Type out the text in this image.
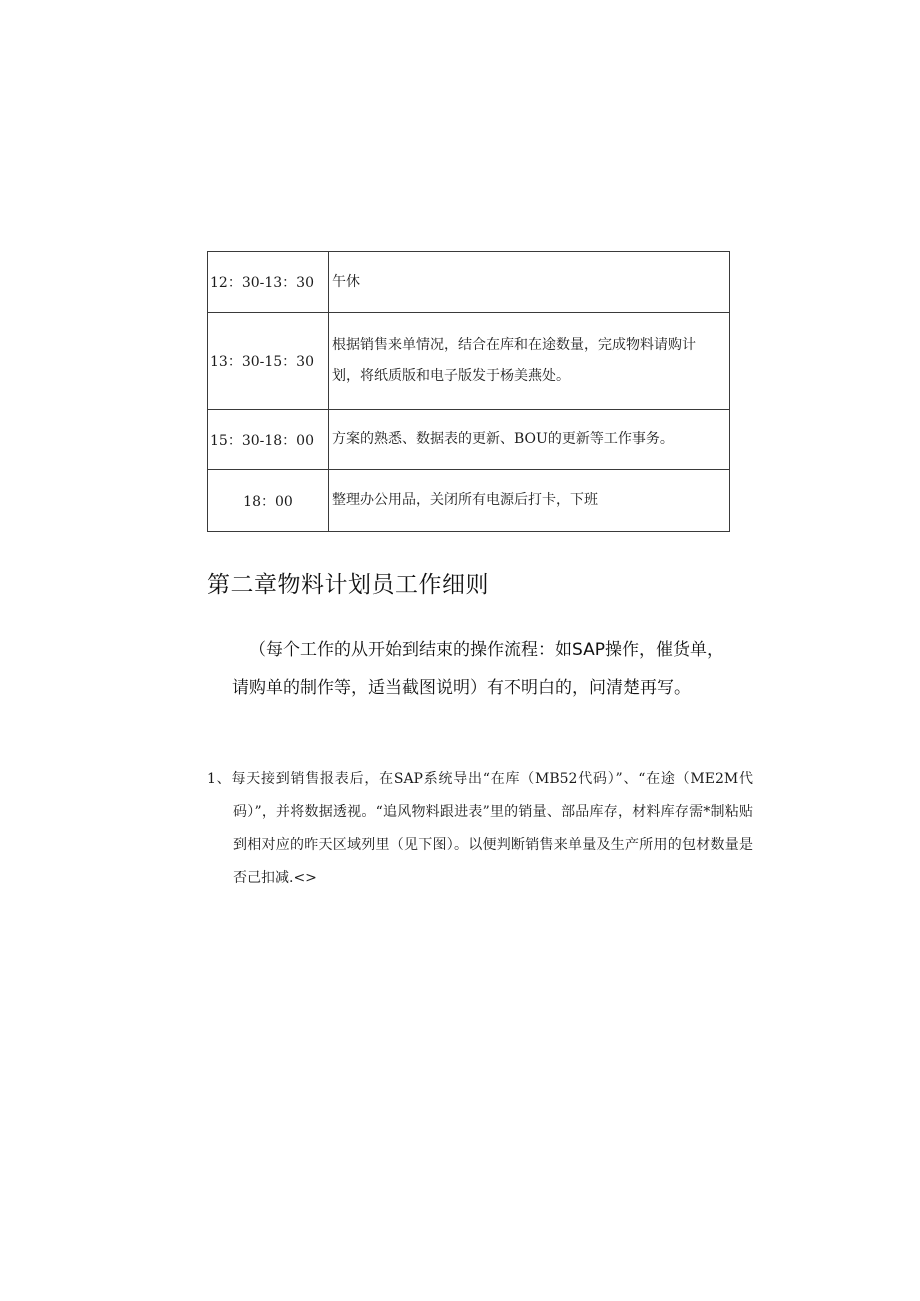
12：30-13：30	午休
13：30-15：30	根据销售来单情况，结合在库和在途数量，完成物料请购计划，将纸质版和电子版发于杨美燕处。
15：30-18：00	方案的熟悉、数据表的更新、BOU的更新等工作事务。
18：00	整理办公用品，关闭所有电源后打卡，下班
第二章物料计划员工作细则

（每个工作的从开始到结束的操作流程：如SAP操作，催货单，请购单的制作等，适当截图说明）有不明白的，问清楚再写。

1、每天接到销售报表后，在SAP系统导出“在库（MB52代码）”、“在途（ME2M代码）”，并将数据透视。“追风物料跟进表”里的销量、部品库存，材料库存需*制粘贴到相对应的昨天区域列里（见下图）。以便判断销售来单量及生产所用的包材数量是否己扣减.<>
